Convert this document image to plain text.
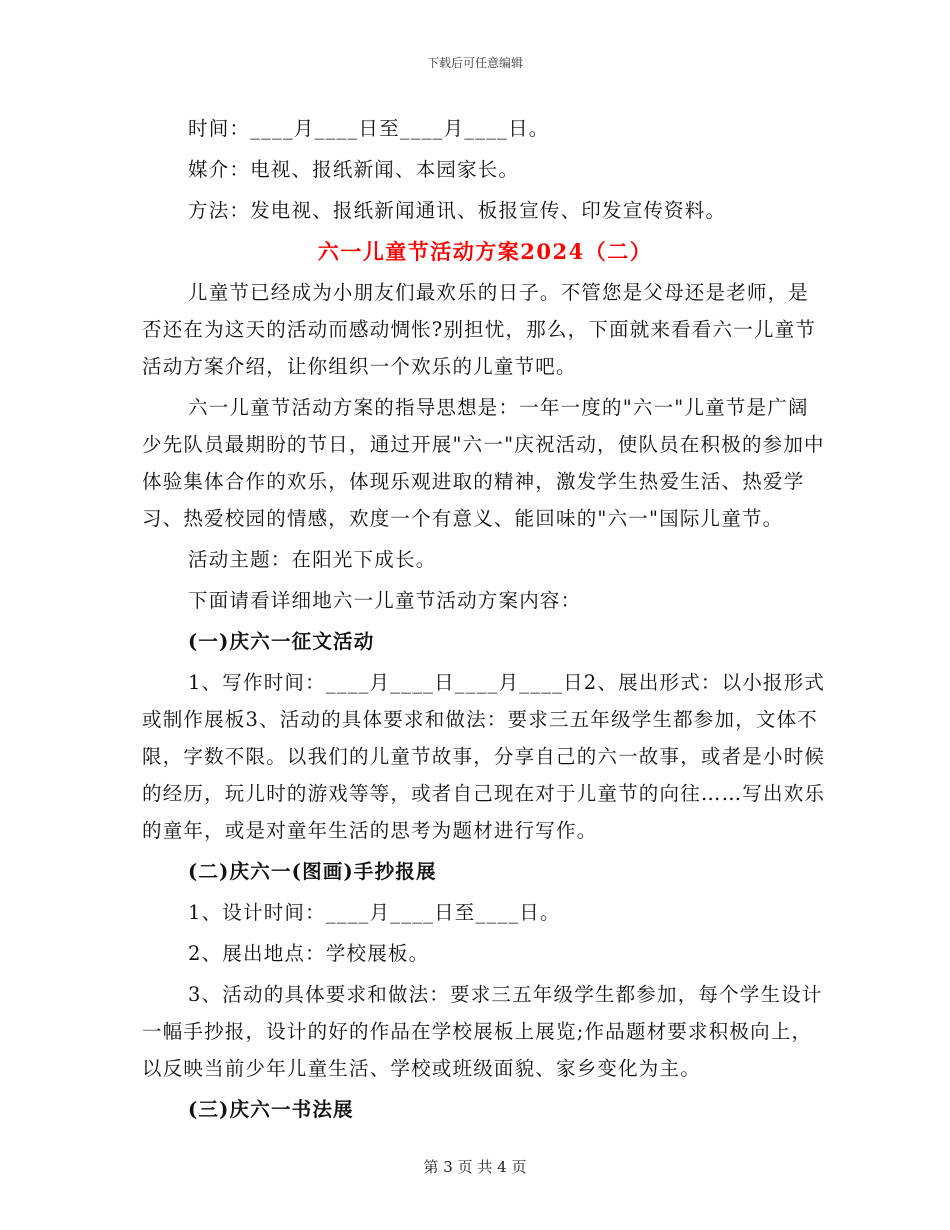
下载后可任意编辑

时间：____月____日至____月____日。

媒介：电视、报纸新闻、本园家长。

方法：发电视、报纸新闻通讯、板报宣传、印发宣传资料。

六一儿童节活动方案2024（二）

儿童节已经成为小朋友们最欢乐的日子。不管您是父母还是老师，是否还在为这天的活动而感动惆怅?别担忧，那么，下面就来看看六一儿童节活动方案介绍，让你组织一个欢乐的儿童节吧。

六一儿童节活动方案的指导思想是：一年一度的"六一"儿童节是广阔少先队员最期盼的节日，通过开展"六一"庆祝活动，使队员在积极的参加中体验集体合作的欢乐，体现乐观进取的精神，激发学生热爱生活、热爱学习、热爱校园的情感，欢度一个有意义、能回味的"六一"国际儿童节。

活动主题：在阳光下成长。

下面请看详细地六一儿童节活动方案内容：

(一)庆六一征文活动

1、写作时间：____月____日____月____日2、展出形式：以小报形式或制作展板3、活动的具体要求和做法：要求三五年级学生都参加，文体不限，字数不限。以我们的儿童节故事，分享自己的六一故事，或者是小时候的经历，玩儿时的游戏等等，或者自己现在对于儿童节的向往……写出欢乐的童年，或是对童年生活的思考为题材进行写作。

(二)庆六一(图画)手抄报展

1、设计时间：____月____日至____日。

2、展出地点：学校展板。

3、活动的具体要求和做法：要求三五年级学生都参加，每个学生设计一幅手抄报，设计的好的作品在学校展板上展览;作品题材要求积极向上，以反映当前少年儿童生活、学校或班级面貌、家乡变化为主。

(三)庆六一书法展

第 3 页 共 4 页
